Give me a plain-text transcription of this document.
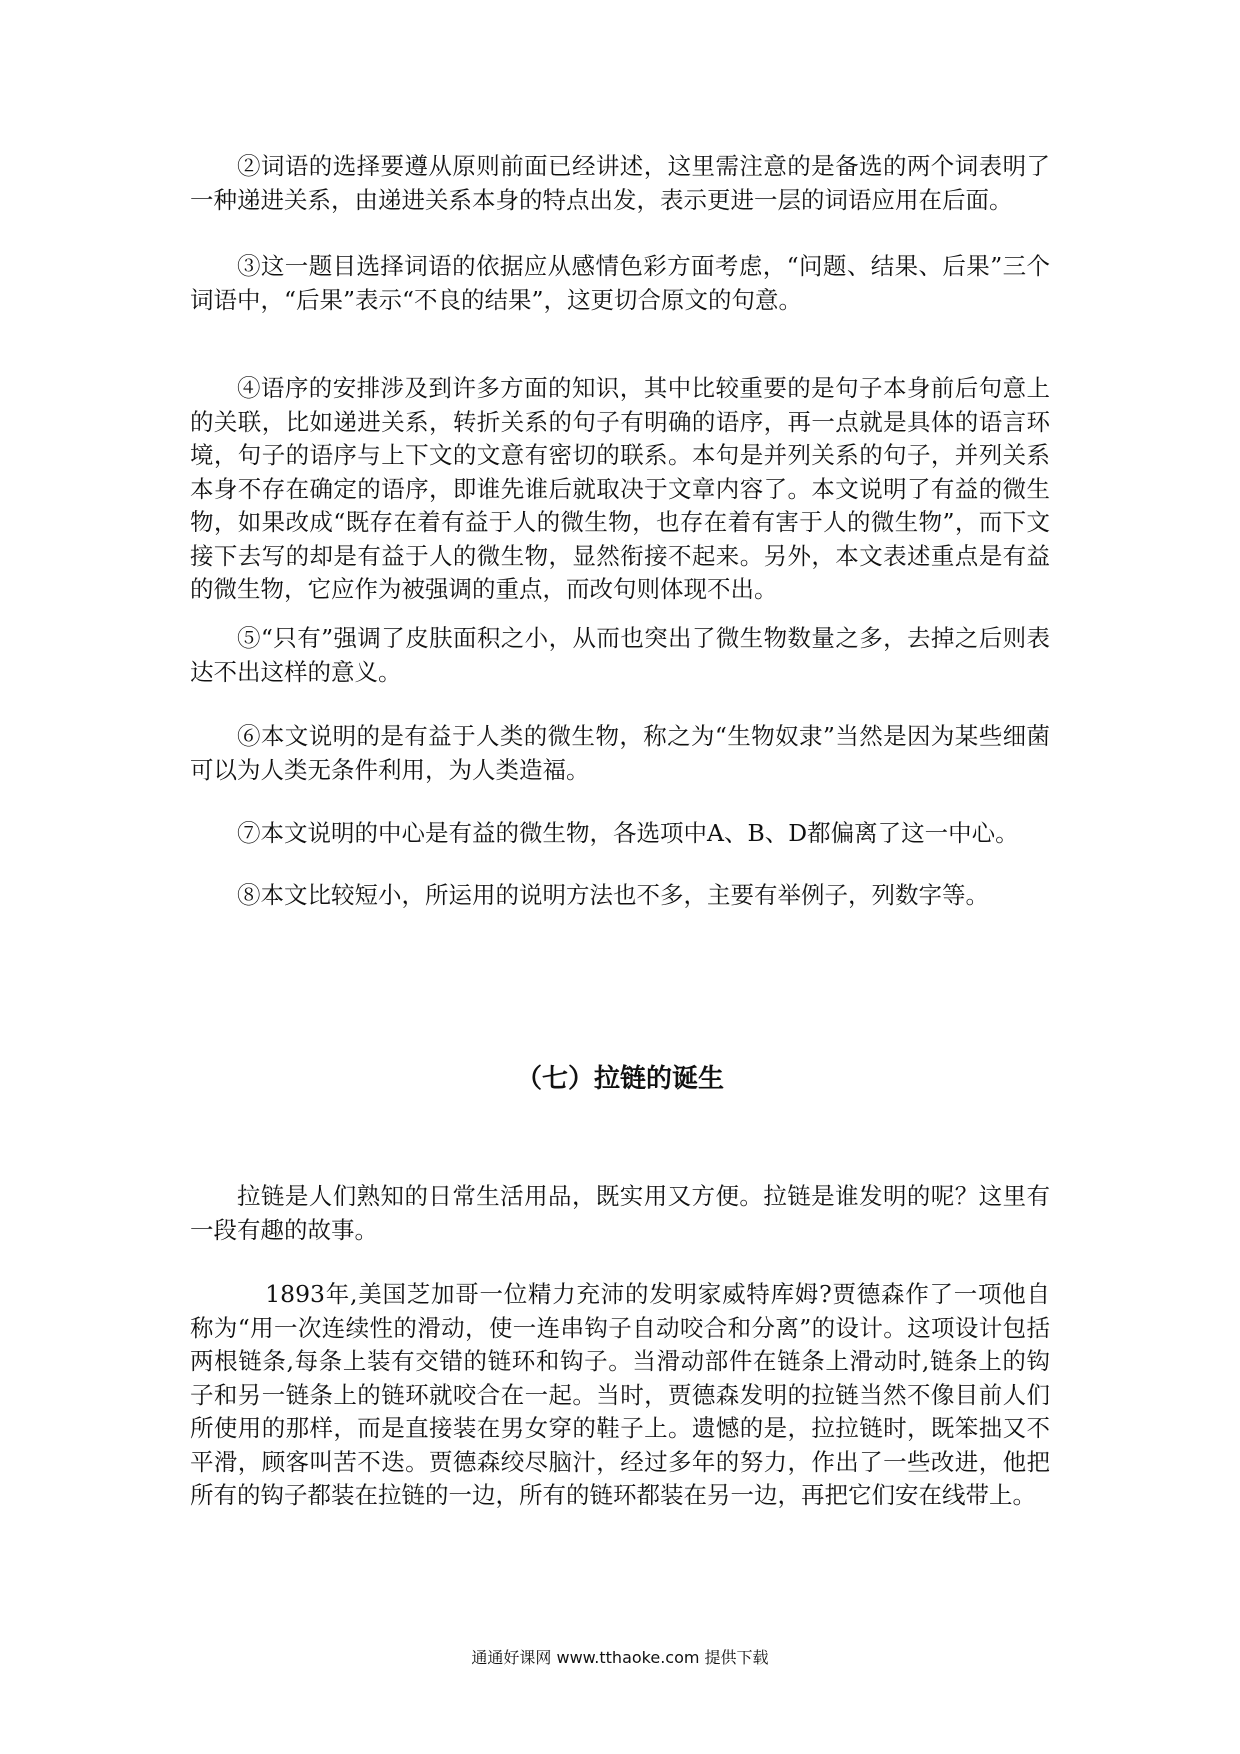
②词语的选择要遵从原则前面已经讲述，这里需注意的是备选的两个词表明了一种递进关系，由递进关系本身的特点出发，表示更进一层的词语应用在后面。

③这一题目选择词语的依据应从感情色彩方面考虑，“问题、结果、后果”三个词语中，“后果”表示“不良的结果”，这更切合原文的句意。

④语序的安排涉及到许多方面的知识，其中比较重要的是句子本身前后句意上的关联，比如递进关系，转折关系的句子有明确的语序，再一点就是具体的语言环境，句子的语序与上下文的文意有密切的联系。本句是并列关系的句子，并列关系本身不存在确定的语序，即谁先谁后就取决于文章内容了。本文说明了有益的微生物，如果改成“既存在着有益于人的微生物，也存在着有害于人的微生物”，而下文接下去写的却是有益于人的微生物，显然衔接不起来。另外，本文表述重点是有益的微生物，它应作为被强调的重点，而改句则体现不出。

⑤“只有”强调了皮肤面积之小，从而也突出了微生物数量之多，去掉之后则表达不出这样的意义。

⑥本文说明的是有益于人类的微生物，称之为“生物奴隶”当然是因为某些细菌可以为人类无条件利用，为人类造福。

⑦本文说明的中心是有益的微生物，各选项中A、B、D都偏离了这一中心。

⑧本文比较短小，所运用的说明方法也不多，主要有举例子，列数字等。

（七）拉链的诞生

拉链是人们熟知的日常生活用品，既实用又方便。拉链是谁发明的呢？这里有一段有趣的故事。

1893年,美国芝加哥一位精力充沛的发明家威特库姆?贾德森作了一项他自称为“用一次连续性的滑动，使一连串钩子自动咬合和分离”的设计。这项设计包括两根链条,每条上装有交错的链环和钩子。当滑动部件在链条上滑动时,链条上的钩子和另一链条上的链环就咬合在一起。当时，贾德森发明的拉链当然不像目前人们所使用的那样，而是直接装在男女穿的鞋子上。遗憾的是，拉拉链时，既笨拙又不平滑，顾客叫苦不迭。贾德森绞尽脑汁，经过多年的努力，作出了一些改进，他把所有的钩子都装在拉链的一边，所有的链环都装在另一边，再把它们安在线带上。

通通好课网 www.tthaoke.com 提供下载
